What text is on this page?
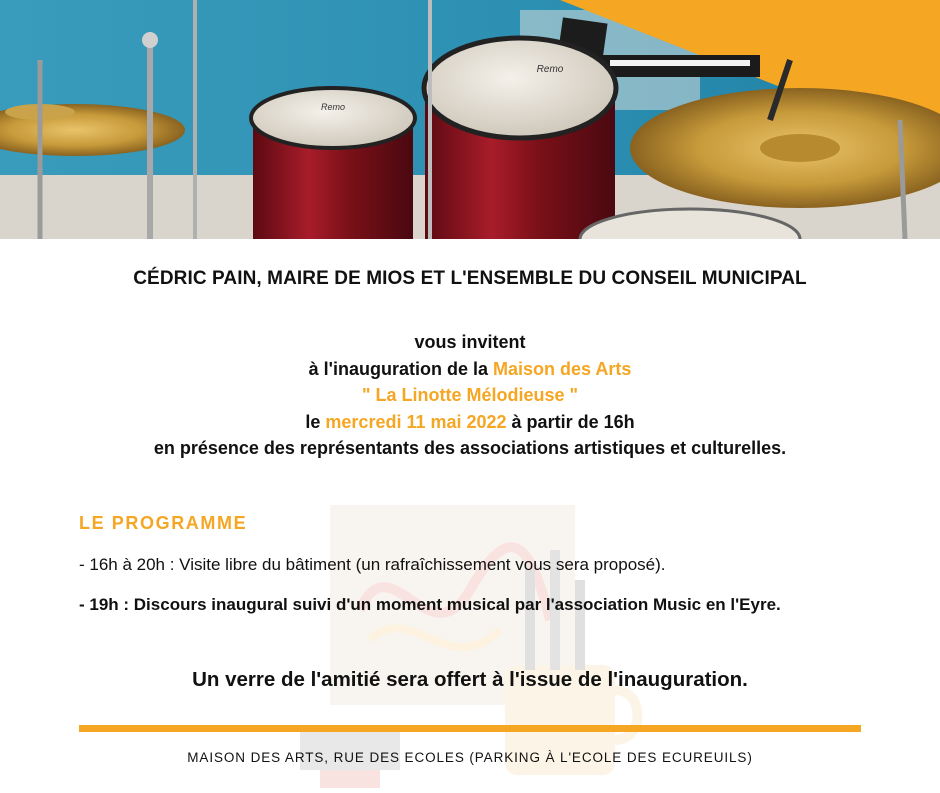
Remo
Remo
CÉDRIC PAIN, MAIRE DE MIOS ET L'ENSEMBLE DU CONSEIL MUNICIPAL
vous invitent
à l'inauguration de la Maison des Arts
" La Linotte Mélodieuse "
le mercredi 11 mai 2022 à partir de 16h
en présence des représentants des associations artistiques et culturelles.
LE PROGRAMME
- 16h à 20h : Visite libre du bâtiment (un rafraîchissement vous sera proposé).
- 19h : Discours inaugural suivi d'un moment musical par l'association Music en l'Eyre.
Un verre de l'amitié sera offert à l'issue de l'inauguration.
MAISON DES ARTS, RUE DES ECOLES (PARKING À L'ECOLE DES ECUREUILS)
